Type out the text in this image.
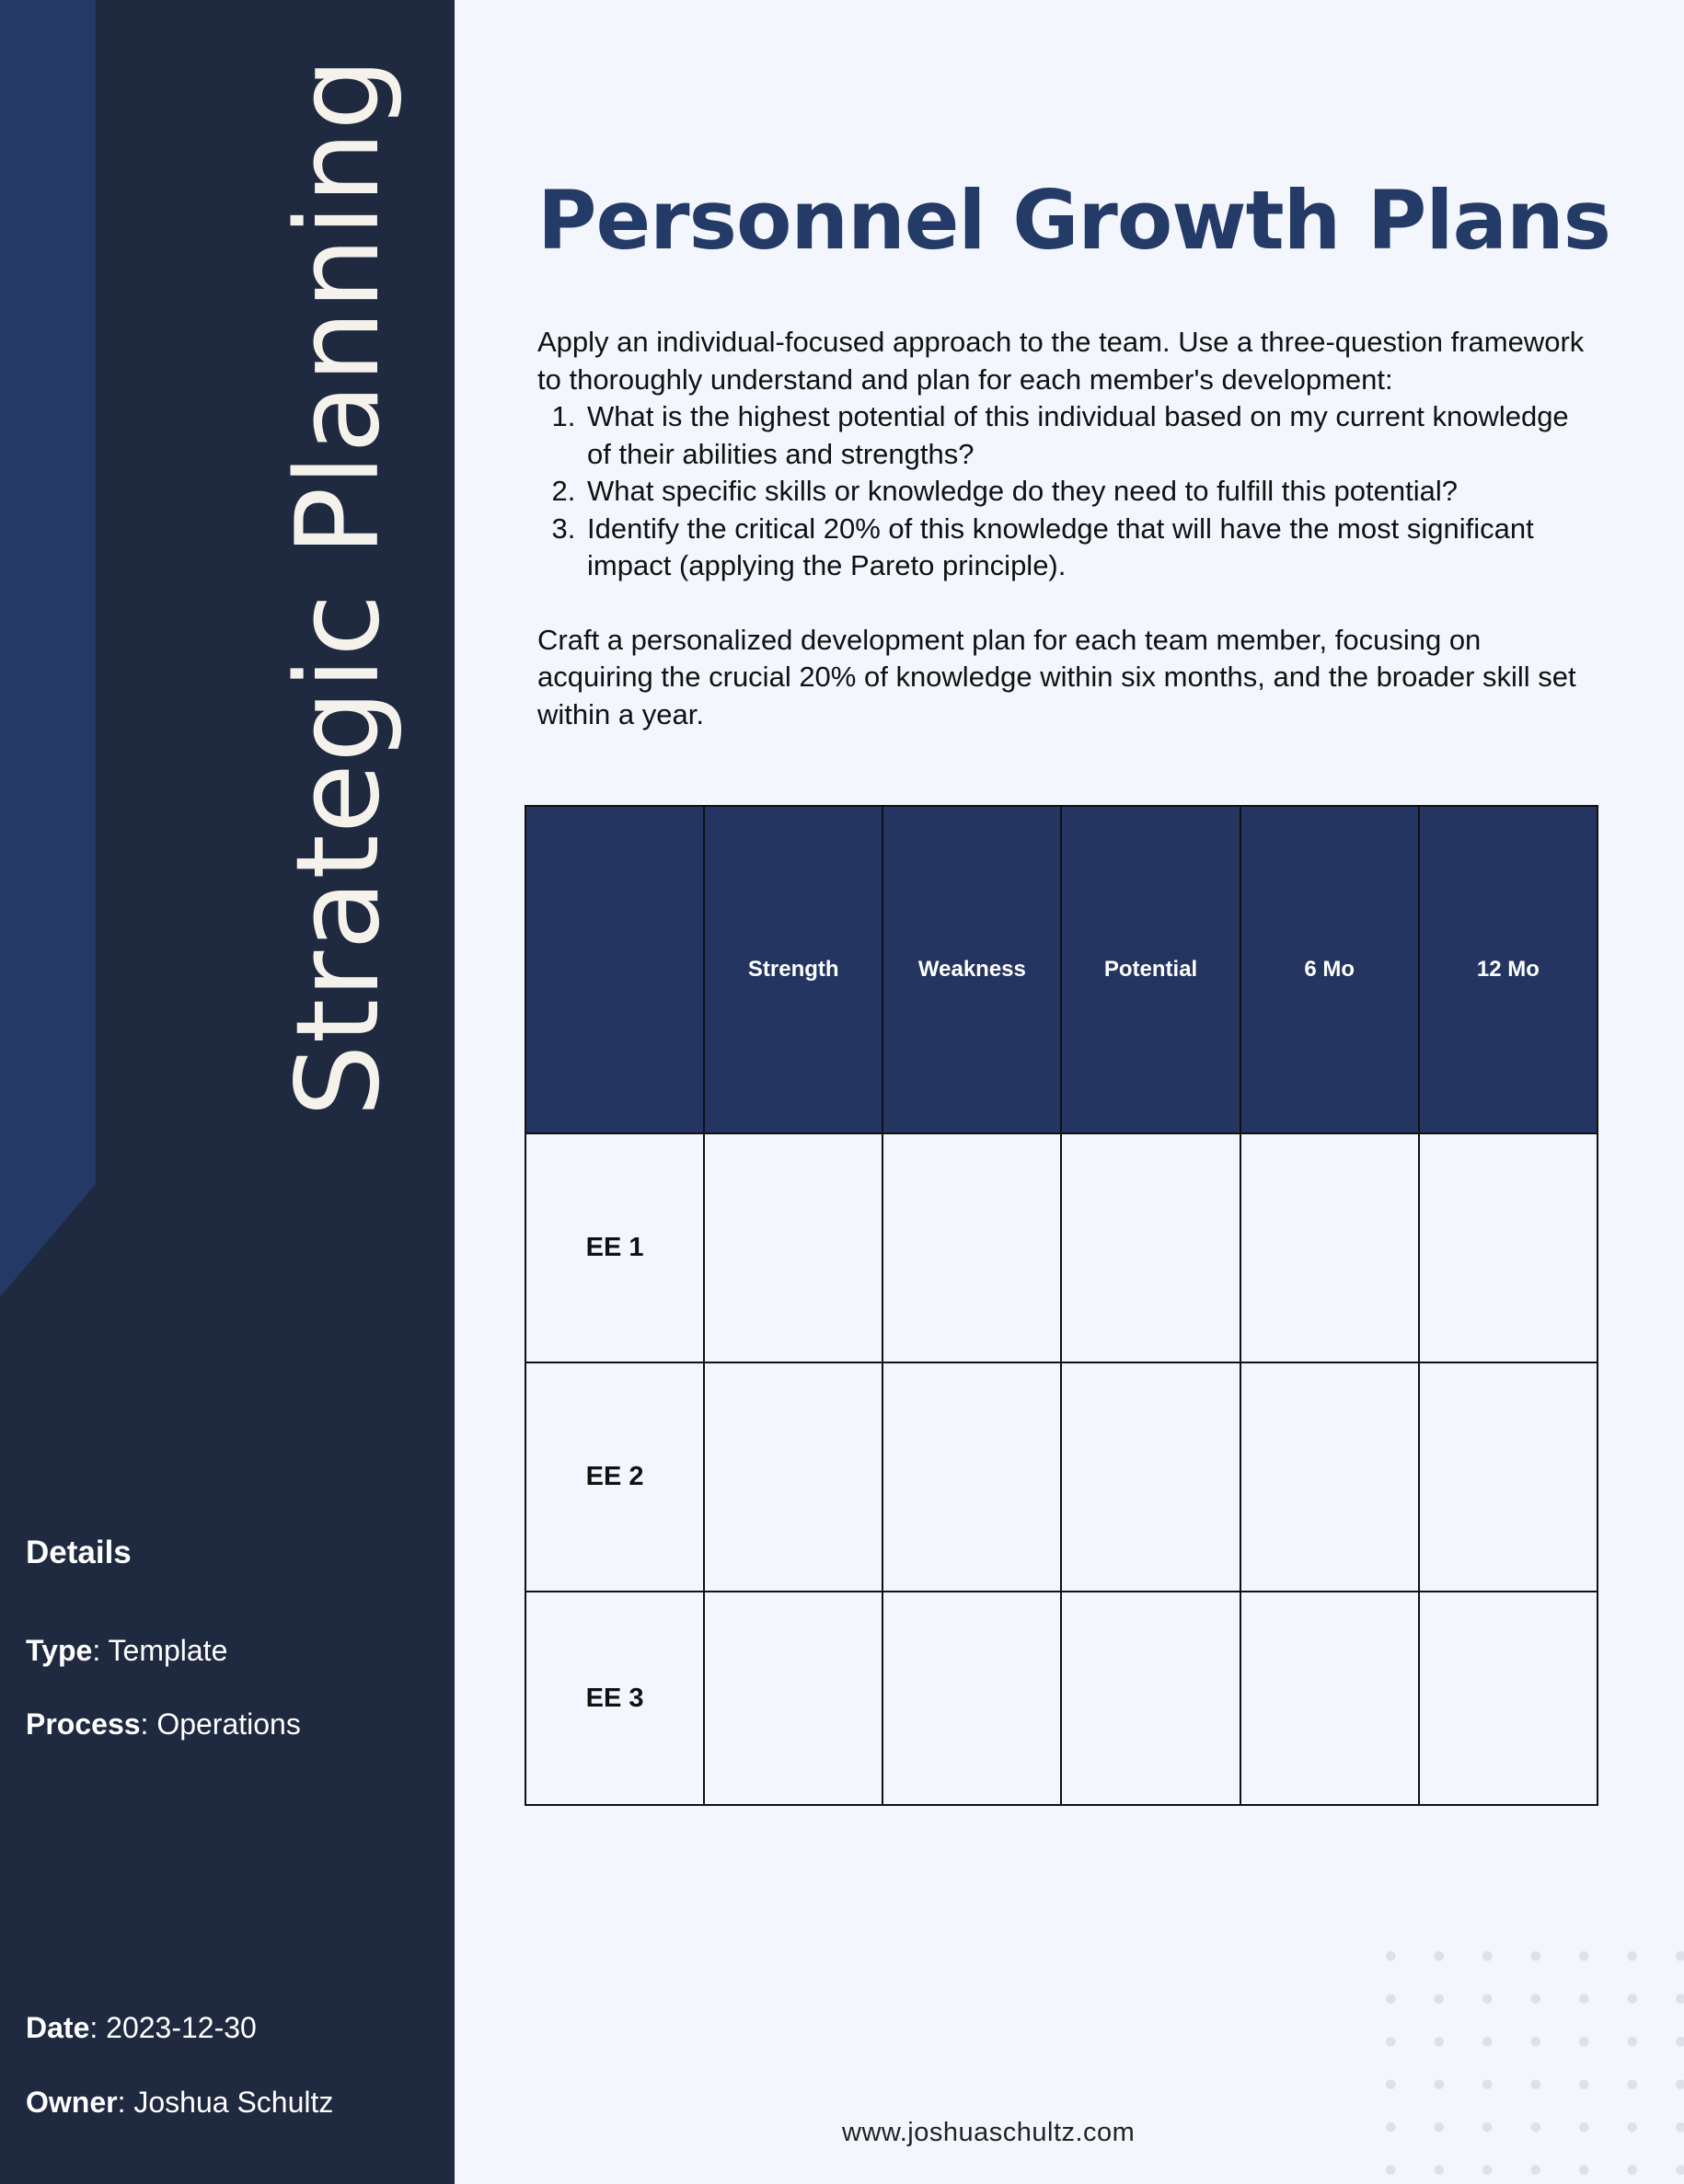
Strategic Planning
Details
Type: Template
Process: Operations
Date: 2023-12-30
Owner: Joshua Schultz
Personnel Growth Plans

Apply an individual-focused approach to the team. Use a three-question framework to thoroughly understand and plan for each member's development:

1. What is the highest potential of this individual based on my current knowledge of their abilities and strengths?
2. What specific skills or knowledge do they need to fulfill this potential?
3. Identify the critical 20% of this knowledge that will have the most significant impact (applying the Pareto principle).

Craft a personalized development plan for each team member, focusing on acquiring the crucial 20% of knowledge within six months, and the broader skill set within a year.

	Strength	Weakness	Potential	6 Mo	12 Mo
EE 1					
EE 2					
EE 3					
www.joshuaschultz.com
